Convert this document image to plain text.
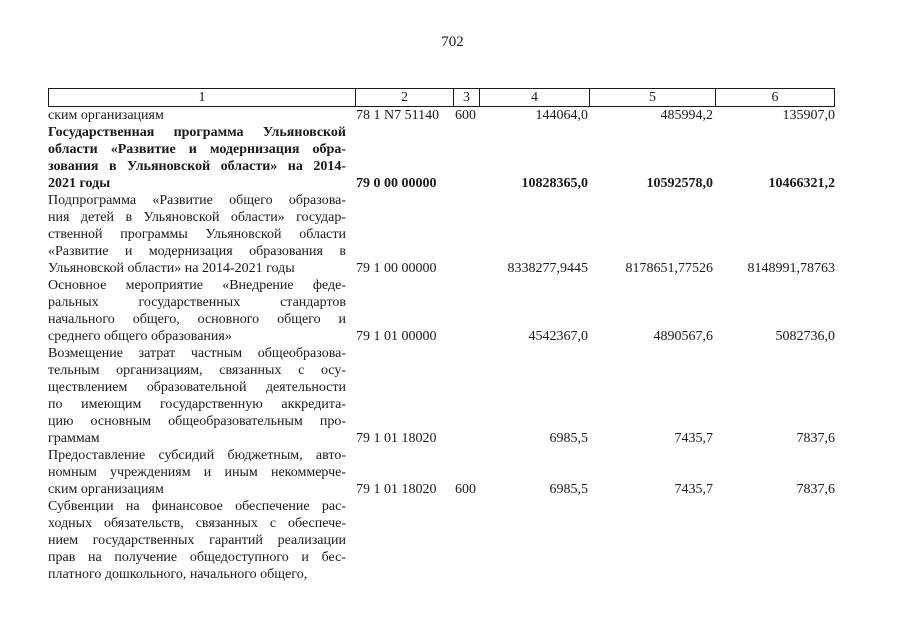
702
1	2	3	4	5	6
ским организациям	78 1 N7 51140 600	144064,0	485994,2	135907,0
Государственная программа Ульяновской
области «Развитие и модернизация обра-
зования в Ульяновской области» на 2014-
2021 годы	79 0 00 00000	10828365,0	10592578,0	10466321,2
Подпрограмма «Развитие общего образова-
ния детей в Ульяновской области» государ-
ственной программы Ульяновской области
«Развитие и модернизация образования в
Ульяновской области» на 2014-2021 годы	79 1 00 00000	8338277,9445	8178651,77526 8148991,78763
Основное мероприятие «Внедрение феде-
ральных государственных стандартов
начального общего, основного общего и
среднего общего образования»	79 1 01 00000	4542367,0	4890567,6	5082736,0
Возмещение затрат частным общеобразова-
тельным организациям, связанных с осу-
ществлением образовательной деятельности
по имеющим государственную аккредита-
цию основным общеобразовательным про-
граммам	79 1 01 18020	6985,5	7435,7	7837,6
Предоставление субсидий бюджетным, авто-
номным учреждениям и иным некоммерче-
ским организациям	79 1 01 18020 600	6985,5	7435,7	7837,6
Субвенции на финансовое обеспечение рас-
ходных обязательств, связанных с обеспече-
нием государственных гарантий реализации
прав на получение общедоступного и бес-
платного дошкольного, начального общего,
